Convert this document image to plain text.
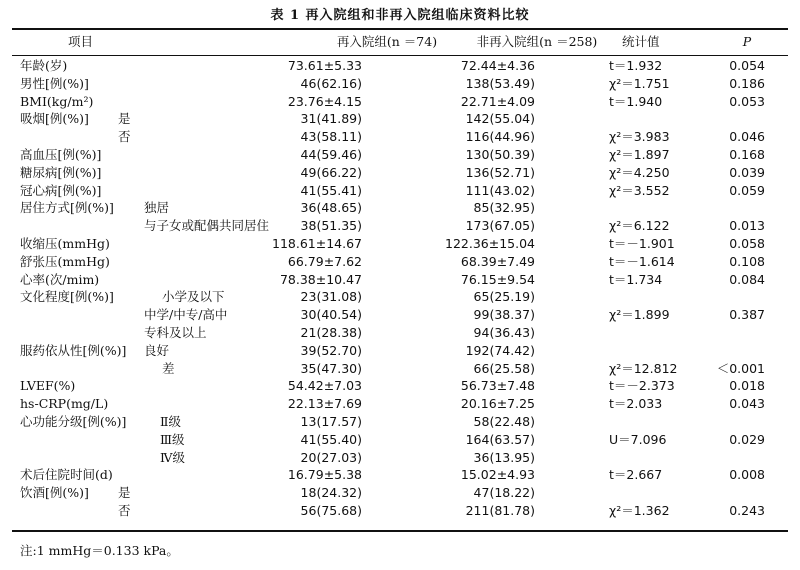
表 1 再入院组和非再入院组临床资料比较
项目	再入院组(n ＝74)	非再入院组(n ＝258)	统计值	P
年龄(岁)	73.61±5.33	72.44±4.36	t＝1.932	0.054
男性[例(%)]	46(62.16)	138(53.49)	χ²＝1.751	0.186
BMI(kg/m²)	23.76±4.15	22.71±4.09	t＝1.940	0.053
吸烟[例(%)] 是	31(41.89)	142(55.04)
否	43(58.11)	116(44.96)	χ²＝3.983	0.046
高血压[例(%)]	44(59.46)	130(50.39)	χ²＝1.897	0.168
糖尿病[例(%)]	49(66.22)	136(52.71)	χ²＝4.250	0.039
冠心病[例(%)]	41(55.41)	111(43.02)	χ²＝3.552	0.059
居住方式[例(%)] 独居	36(48.65)	85(32.95)
与子女或配偶共同居住	38(51.35)	173(67.05)	χ²＝6.122	0.013
收缩压(mmHg)	118.61±14.67	122.36±15.04	t＝－1.901	0.058
舒张压(mmHg)	66.79±7.62	68.39±7.49	t＝－1.614	0.108
心率(次/mim)	78.38±10.47	76.15±9.54	t＝1.734	0.084
文化程度[例(%)]	小学及以下	23(31.08)	65(25.19)
中学/中专/高中	30(40.54)	99(38.37)	χ²＝1.899	0.387
专科及以上	21(28.38)	94(36.43)
服药依从性[例(%)] 良好	39(52.70)	192(74.42)
差	35(47.30)	66(25.58)	χ²＝12.812	＜0.001
LVEF(%)	54.42±7.03	56.73±7.48	t＝－2.373	0.018
hs-CRP(mg/L)	22.13±7.69	20.16±7.25	t＝2.033	0.043
心功能分级[例(%)]	Ⅱ级	13(17.57)	58(22.48)
Ⅲ级	41(55.40)	164(63.57)	U＝7.096	0.029
Ⅳ级	20(27.03)	36(13.95)
术后住院时间(d)	16.79±5.38	15.02±4.93	t＝2.667	0.008
饮酒[例(%)] 是	18(24.32)	47(18.22)
否	56(75.68)	211(81.78)	χ²＝1.362	0.243
注:1 mmHg＝0.133 kPa。
